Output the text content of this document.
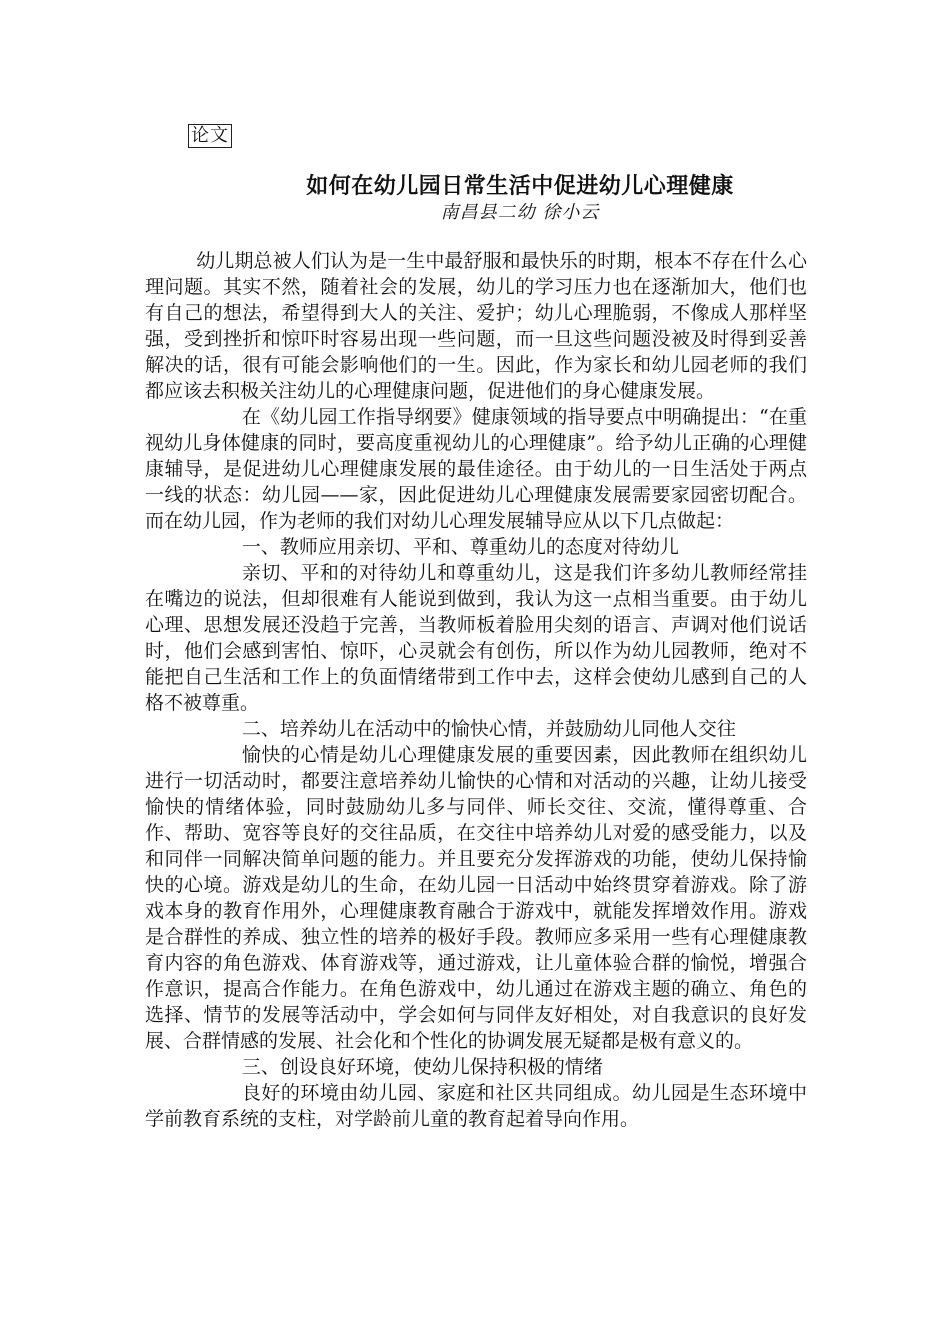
论文
如何在幼儿园日常生活中促进幼儿心理健康
南昌县二幼 徐小云

幼儿期总被人们认为是一生中最舒服和最快乐的时期，根本不存在什么心理问题。其实不然，随着社会的发展，幼儿的学习压力也在逐渐加大，他们也有自己的想法，希望得到大人的关注、爱护；幼儿心理脆弱，不像成人那样坚强，受到挫折和惊吓时容易出现一些问题，而一旦这些问题没被及时得到妥善解决的话，很有可能会影响他们的一生。因此，作为家长和幼儿园老师的我们都应该去积极关注幼儿的心理健康问题，促进他们的身心健康发展。

在《幼儿园工作指导纲要》健康领域的指导要点中明确提出：“在重视幼儿身体健康的同时，要高度重视幼儿的心理健康”。给予幼儿正确的心理健康辅导，是促进幼儿心理健康发展的最佳途径。由于幼儿的一日生活处于两点一线的状态：幼儿园——家，因此促进幼儿心理健康发展需要家园密切配合。而在幼儿园，作为老师的我们对幼儿心理发展辅导应从以下几点做起：

一、教师应用亲切、平和、尊重幼儿的态度对待幼儿

亲切、平和的对待幼儿和尊重幼儿，这是我们许多幼儿教师经常挂在嘴边的说法，但却很难有人能说到做到，我认为这一点相当重要。由于幼儿心理、思想发展还没趋于完善，当教师板着脸用尖刻的语言、声调对他们说话时，他们会感到害怕、惊吓，心灵就会有创伤，所以作为幼儿园教师，绝对不能把自己生活和工作上的负面情绪带到工作中去，这样会使幼儿感到自己的人格不被尊重。

二、培养幼儿在活动中的愉快心情，并鼓励幼儿同他人交往

愉快的心情是幼儿心理健康发展的重要因素，因此教师在组织幼儿进行一切活动时，都要注意培养幼儿愉快的心情和对活动的兴趣，让幼儿接受愉快的情绪体验，同时鼓励幼儿多与同伴、师长交往、交流，懂得尊重、合作、帮助、宽容等良好的交往品质，在交往中培养幼儿对爱的感受能力，以及和同伴一同解决简单问题的能力。并且要充分发挥游戏的功能，使幼儿保持愉快的心境。游戏是幼儿的生命，在幼儿园一日活动中始终贯穿着游戏。除了游戏本身的教育作用外，心理健康教育融合于游戏中，就能发挥增效作用。游戏是合群性的养成、独立性的培养的极好手段。教师应多采用一些有心理健康教育内容的角色游戏、体育游戏等，通过游戏，让儿童体验合群的愉悦，增强合作意识，提高合作能力。在角色游戏中，幼儿通过在游戏主题的确立、角色的选择、情节的发展等活动中，学会如何与同伴友好相处，对自我意识的良好发展、合群情感的发展、社会化和个性化的协调发展无疑都是极有意义的。

三、创设良好环境，使幼儿保持积极的情绪

良好的环境由幼儿园、家庭和社区共同组成。幼儿园是生态环境中学前教育系统的支柱，对学龄前儿童的教育起着导向作用。
